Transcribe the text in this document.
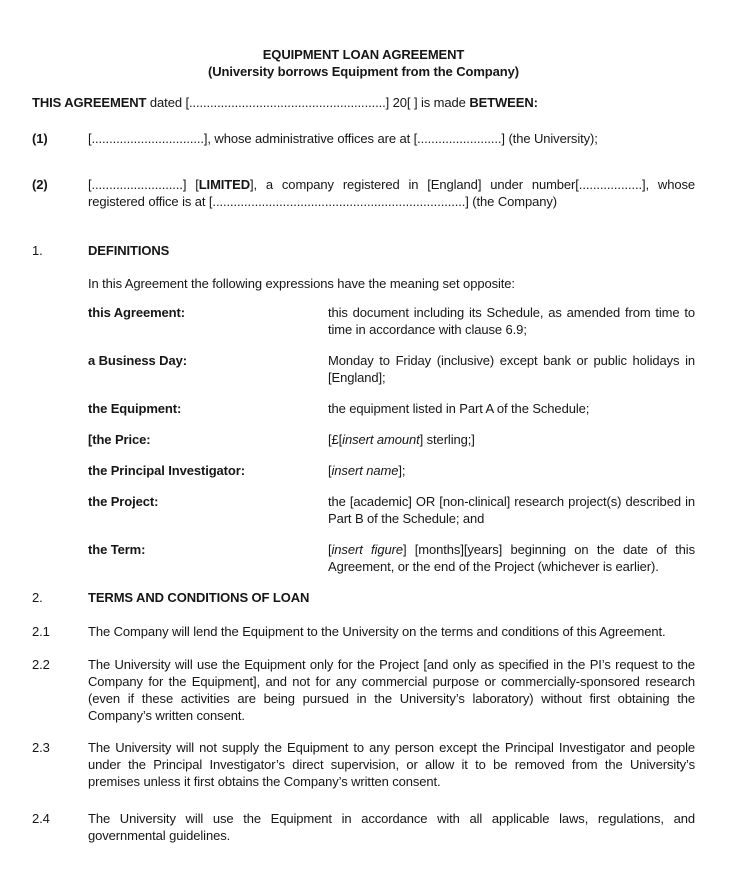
EQUIPMENT LOAN AGREEMENT
(University borrows Equipment from the Company)

THIS AGREEMENT dated [........................................................] 20[ ] is made BETWEEN:

(1)	[................................], whose administrative offices are at [........................] (the University);
(2)	[..........................] [LIMITED], a company registered in [England] under number[..................], whose registered office is at [........................................................................] (the Company)
1.	DEFINITIONS

In this Agreement the following expressions have the meaning set opposite:

this Agreement:	this document including its Schedule, as amended from time to time in accordance with clause 6.9;
a Business Day:	Monday to Friday (inclusive) except bank or public holidays in [England];
the Equipment:	the equipment listed in Part A of the Schedule;
[the Price:	[£[insert amount] sterling;]
the Principal Investigator:	[insert name];
the Project:	the [academic] OR [non-clinical] research project(s) described in Part B of the Schedule; and
the Term:	[insert figure] [months][years] beginning on the date of this Agreement, or the end of the Project (whichever is earlier).
2.	TERMS AND CONDITIONS OF LOAN
2.1	The Company will lend the Equipment to the University on the terms and conditions of this Agreement.
2.2	The University will use the Equipment only for the Project [and only as specified in the PI’s request to the Company for the Equipment], and not for any commercial purpose or commercially-sponsored research (even if these activities are being pursued in the University’s laboratory) without first obtaining the Company’s written consent.
2.3	The University will not supply the Equipment to any person except the Principal Investigator and people under the Principal Investigator’s direct supervision, or allow it to be removed from the University’s premises unless it first obtains the Company’s written consent.
2.4	The University will use the Equipment in accordance with all applicable laws, regulations, and governmental guidelines.
